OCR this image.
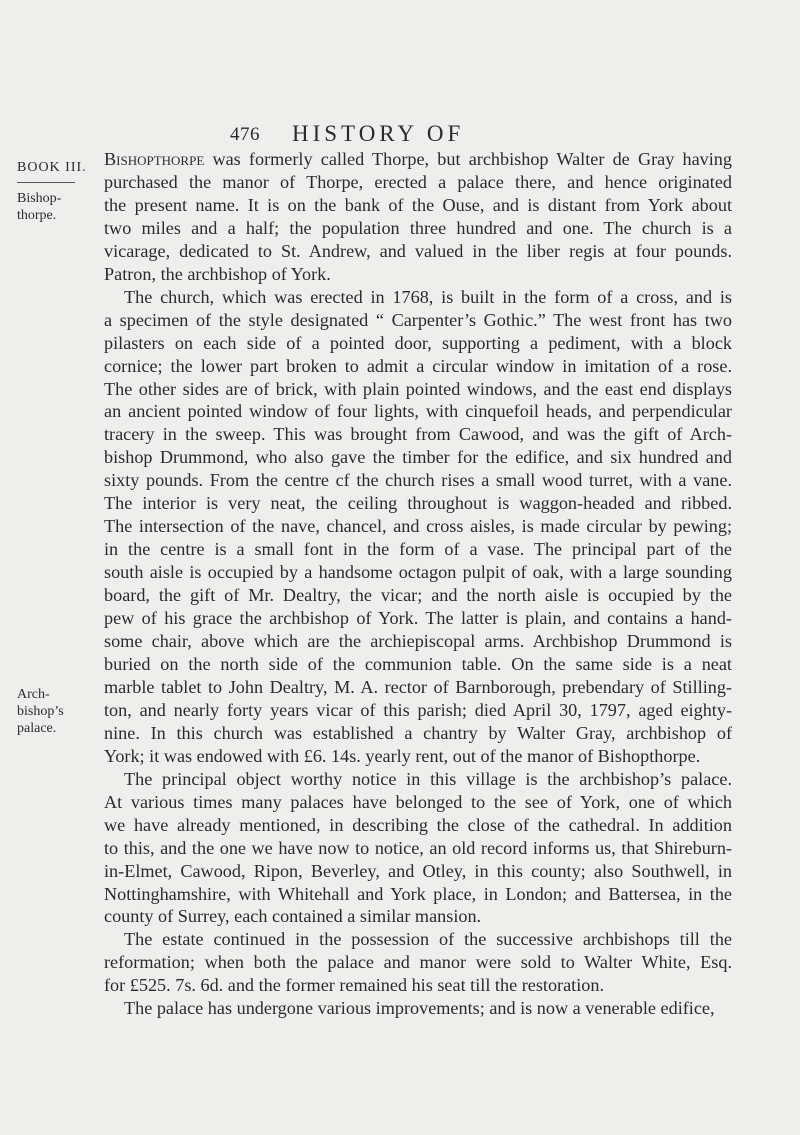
476 HISTORY OF
BOOK III.
Bishop-
thorpe.
Arch-
bishop’s
palace.
Bishopthorpe was formerly called Thorpe, but archbishop Walter de Gray having
purchased the manor of Thorpe, erected a palace there, and hence originated
the present name. It is on the bank of the Ouse, and is distant from York about
two miles and a half; the population three hundred and one. The church is a
vicarage, dedicated to St. Andrew, and valued in the liber regis at four pounds.
Patron, the archbishop of York.
The church, which was erected in 1768, is built in the form of a cross, and is
a specimen of the style designated “ Carpenter’s Gothic.” The west front has two
pilasters on each side of a pointed door, supporting a pediment, with a block
cornice; the lower part broken to admit a circular window in imitation of a rose.
The other sides are of brick, with plain pointed windows, and the east end displays
an ancient pointed window of four lights, with cinquefoil heads, and perpendicular
tracery in the sweep. This was brought from Cawood, and was the gift of Arch-
bishop Drummond, who also gave the timber for the edifice, and six hundred and
sixty pounds. From the centre cf the church rises a small wood turret, with a vane.
The interior is very neat, the ceiling throughout is waggon-headed and ribbed.
The intersection of the nave, chancel, and cross aisles, is made circular by pewing;
in the centre is a small font in the form of a vase. The principal part of the
south aisle is occupied by a handsome octagon pulpit of oak, with a large sounding
board, the gift of Mr. Dealtry, the vicar; and the north aisle is occupied by the
pew of his grace the archbishop of York. The latter is plain, and contains a hand-
some chair, above which are the archiepiscopal arms. Archbishop Drummond is
buried on the north side of the communion table. On the same side is a neat
marble tablet to John Dealtry, M. A. rector of Barnborough, prebendary of Stilling-
ton, and nearly forty years vicar of this parish; died April 30, 1797, aged eighty-
nine. In this church was established a chantry by Walter Gray, archbishop of
York; it was endowed with £6. 14s. yearly rent, out of the manor of Bishopthorpe.
The principal object worthy notice in this village is the archbishop’s palace.
At various times many palaces have belonged to the see of York, one of which
we have already mentioned, in describing the close of the cathedral. In addition
to this, and the one we have now to notice, an old record informs us, that Shireburn-
in-Elmet, Cawood, Ripon, Beverley, and Otley, in this county; also Southwell, in
Nottinghamshire, with Whitehall and York place, in London; and Battersea, in the
county of Surrey, each contained a similar mansion.
The estate continued in the possession of the successive archbishops till the
reformation; when both the palace and manor were sold to Walter White, Esq.
for £525. 7s. 6d. and the former remained his seat till the restoration.
The palace has undergone various improvements; and is now a venerable edifice,
